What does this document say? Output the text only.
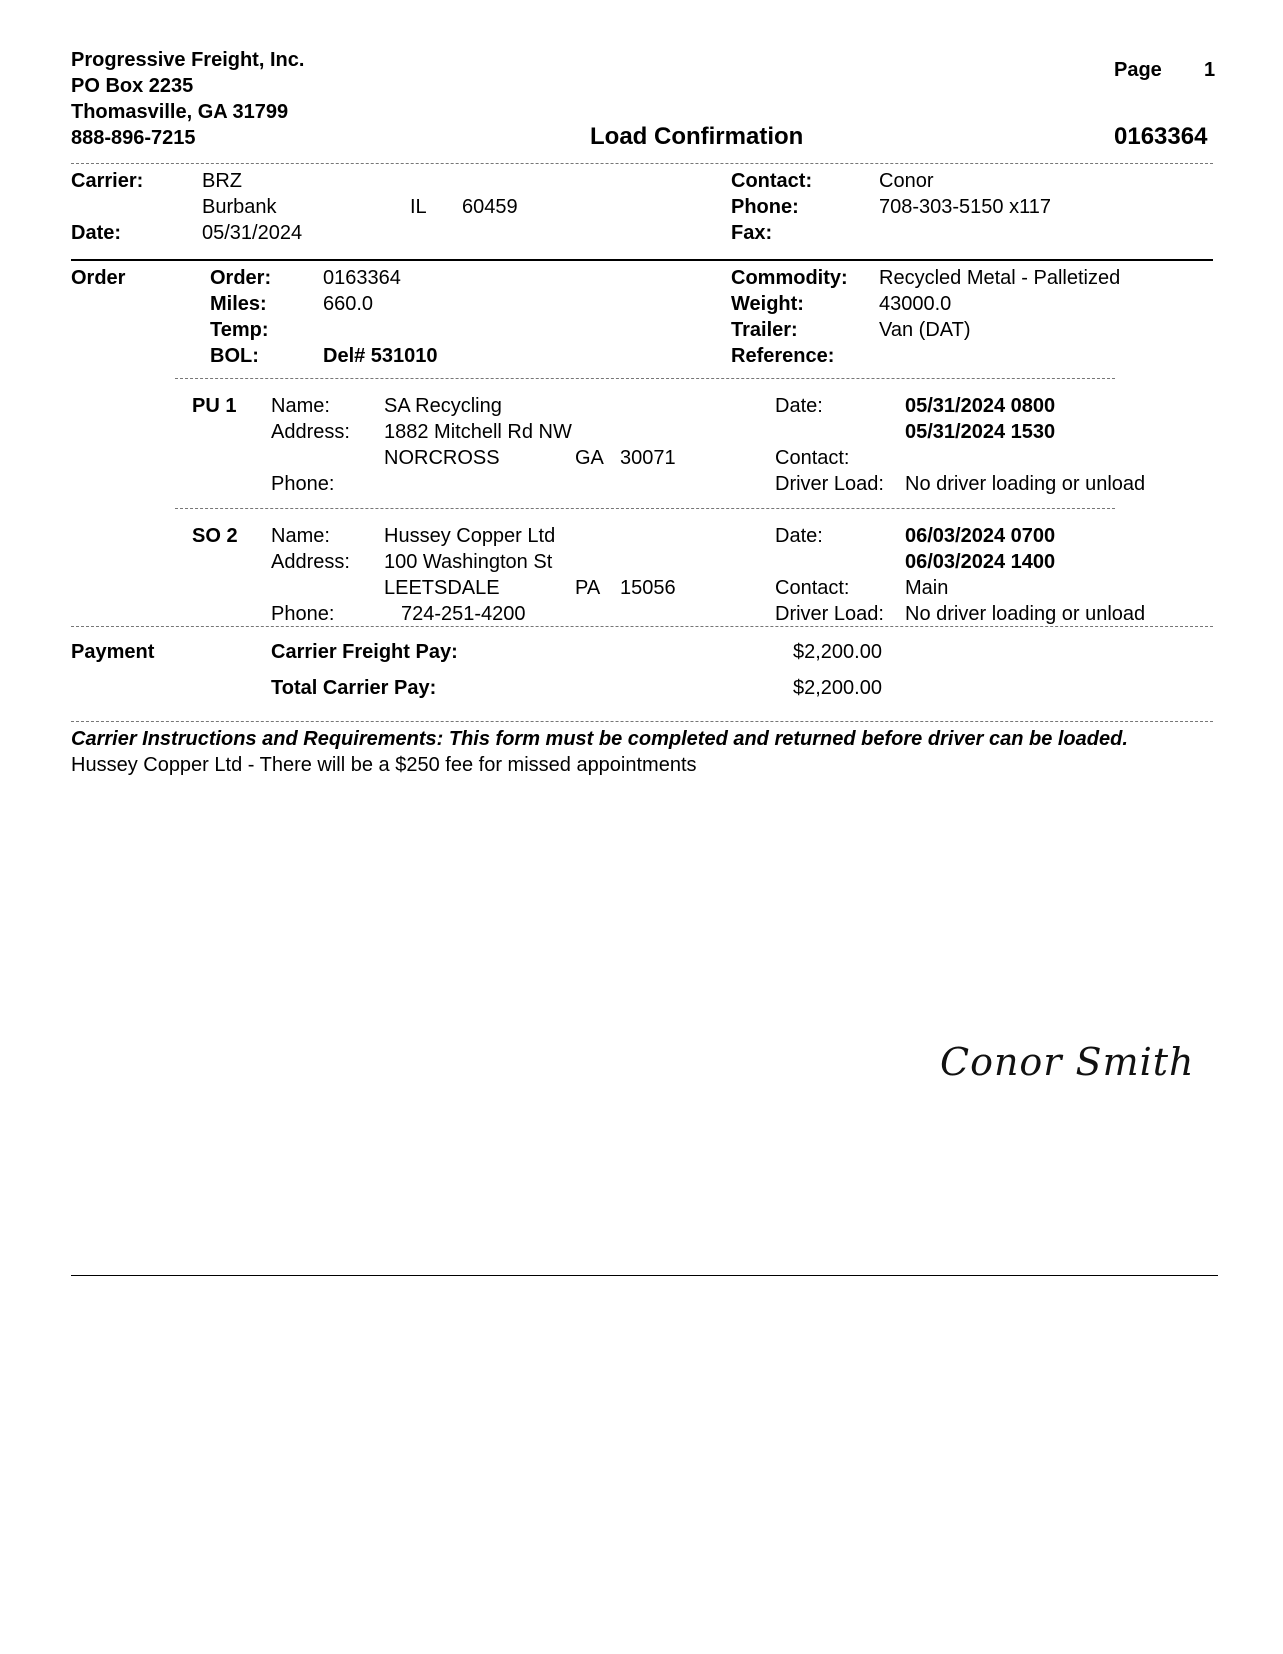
Progressive Freight, Inc.
PO Box 2235
Thomasville, GA 31799
888-896-7215
Page 1
Load Confirmation	0163364
Carrier:	BRZ
Burbank	IL 60459
Date:	05/31/2024
Contact:	Conor
Phone:	708-303-5150 x117
Fax:
Order	Order:	0163364
Miles:	660.0
Temp:
BOL:	Del# 531010
Commodity: Recycled Metal - Palletized
Weight:	43000.0
Trailer:	Van (DAT)
Reference:
PU 1 Name:	SA Recycling
Address: 1882 Mitchell Rd NW
NORCROSS	GA 30071
Phone:
Date:	05/31/2024 0800
05/31/2024 1530
Contact:
Driver Load: No driver loading or unload
SO 2 Name:	Hussey Copper Ltd
Address: 100 Washington St
LEETSDALE	PA 15056
Phone:	724-251-4200
Date:	06/03/2024 0700
06/03/2024 1400
Contact:	Main
Driver Load: No driver loading or unload
Payment	Carrier Freight Pay:	$2,200.00
Total Carrier Pay:	$2,200.00
Carrier Instructions and Requirements: This form must be completed and returned before driver can be loaded.
Hussey Copper Ltd - There will be a $250 fee for missed appointments
Conor Smith
